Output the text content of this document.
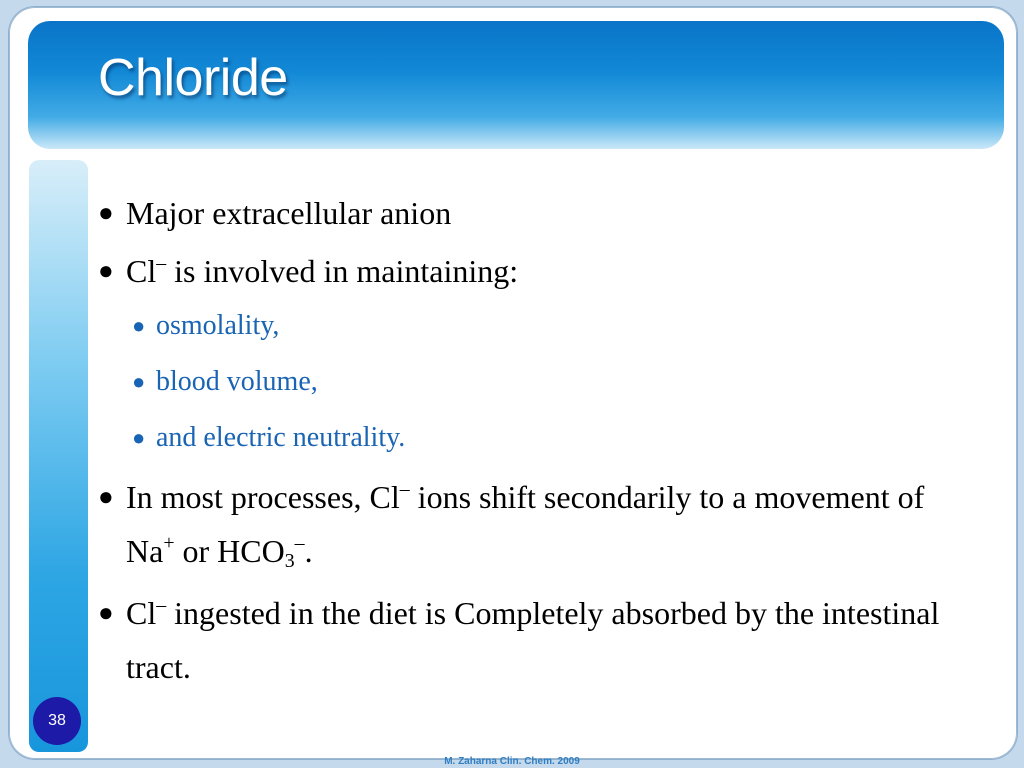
Chloride
38
● Major extracellular anion
● Cl– is involved in maintaining:
● osmolality,
● blood volume,
● and electric neutrality.
● In most processes, Cl– ions shift secondarily to a movement of Na+ or $HCO_3^-$.
● Cl– ingested in the diet is Completely absorbed by the intestinal tract.
M. Zaharna Clin. Chem. 2009
